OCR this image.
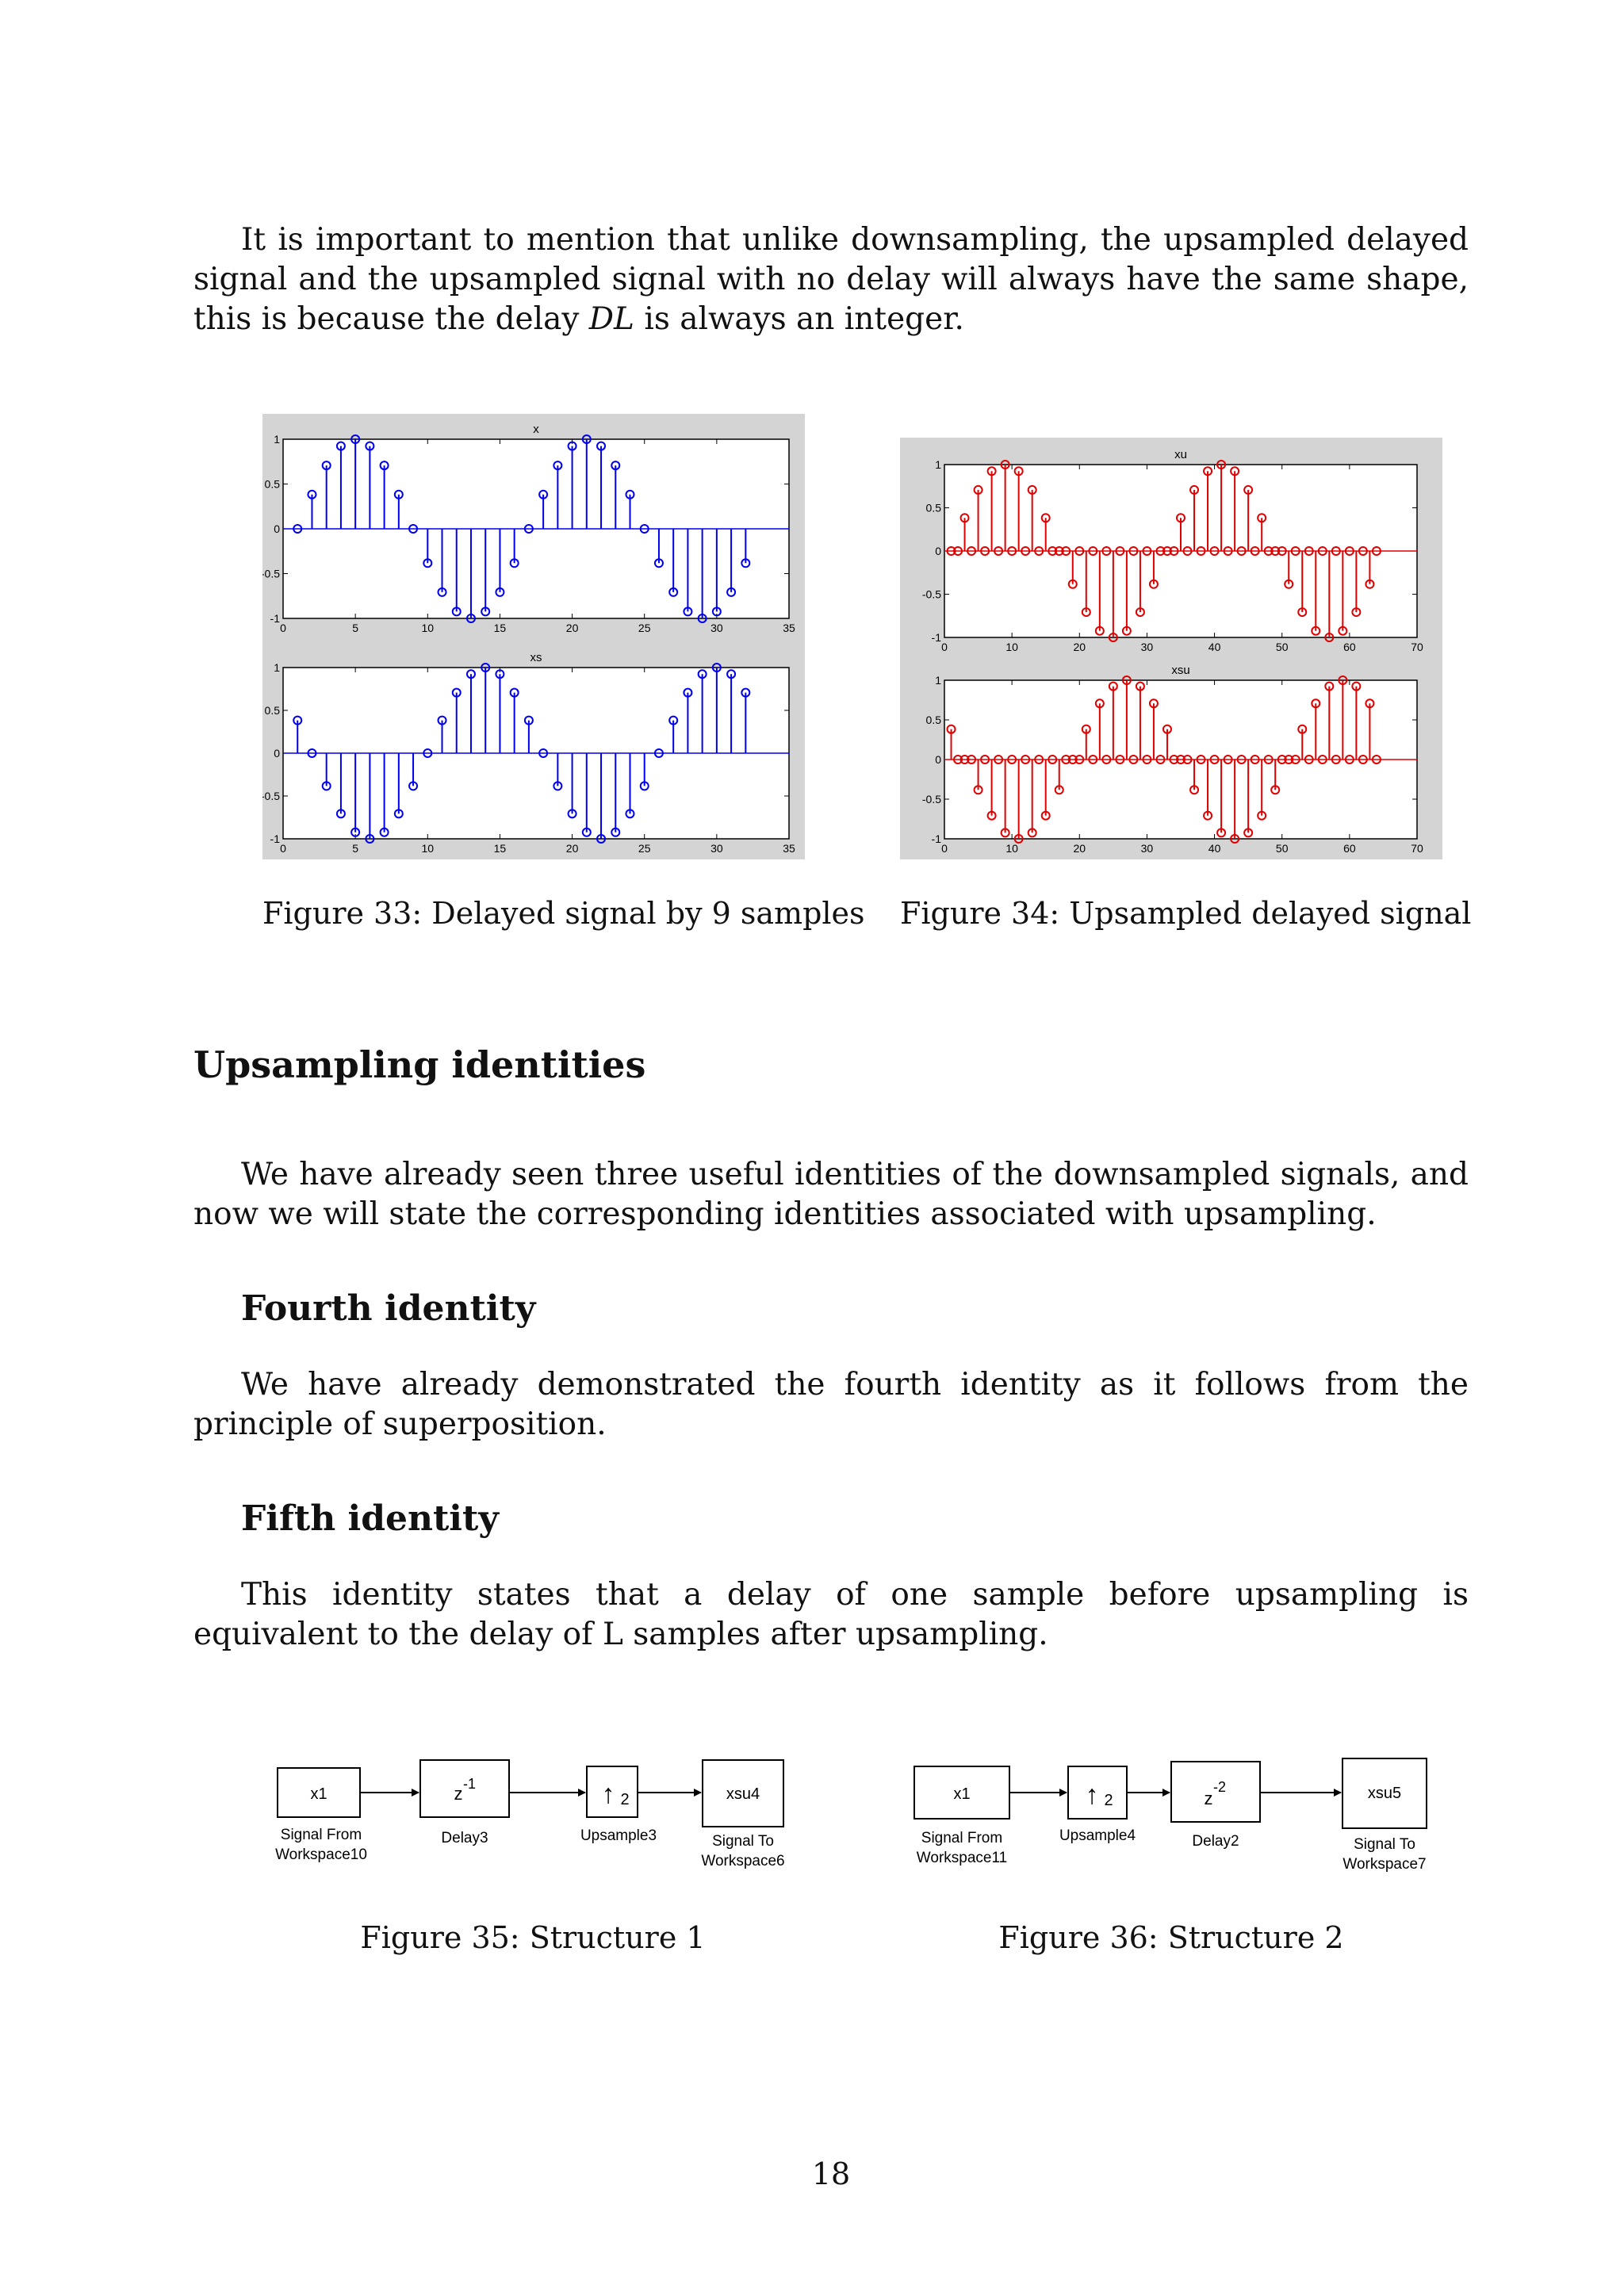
It is important to mention that unlike downsampling, the upsampled delayed signal and the upsampled signal with no delay will always have the same shape, this is because the delay DL is always an integer.

x
1
0.5
0
-0.5
-1
0	5	10	15	20	25	30	35
xs
1
0.5
0
-0.5
-1
0	5	10	15	20	25	30	35
Figure 33: Delayed signal by 9 samples
xu
1
0.5
0
-0.5
-1
0	10	20	30	40	50	60	70
xsu
1
0.5
0
-0.5
-1
0	10	20	30	40	50	60	70
Figure 34: Upsampled delayed signal
Upsampling identities

We have already seen three useful identities of the downsampled signals, and now we will state the corresponding identities associated with upsampling.

Fourth identity

We have already demonstrated the fourth identity as it follows from the principle of superposition.

Fifth identity

This identity states that a delay of one sample before upsampling is equivalent to the delay of L samples after upsampling.

x1	z -1	↑ 2	xsu4
Signal From
Workspace10
Delay3	Upsample3	Signal To
Workspace6
Figure 35: Structure 1
x1	↑ 2	z
-2	xsu5
Signal From
Workspace11
Upsample4	Delay2	Signal To
Workspace7
Figure 36: Structure 2
18
